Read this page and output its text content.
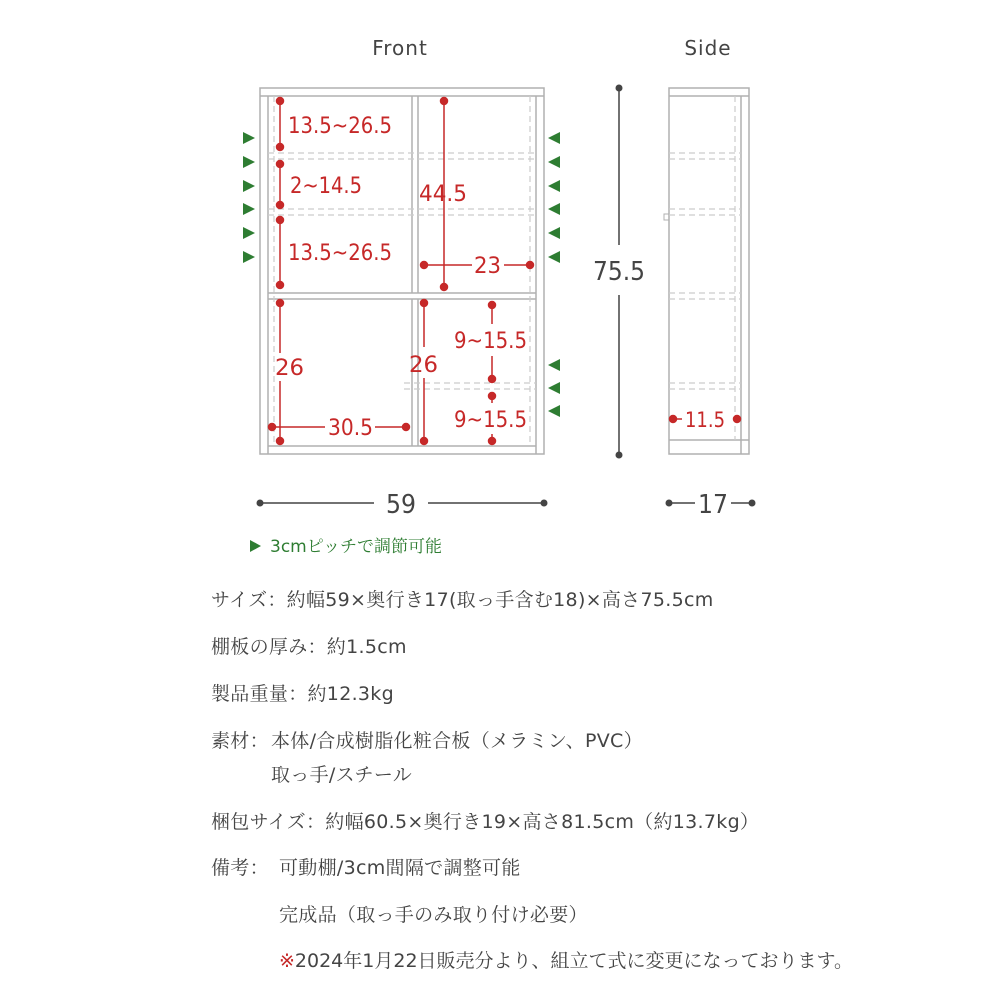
Front	Side
13.5~26.5
2~14.5
13.5~26.5
44.5
23
26
30.5
26
9~15.5
9~15.5
75.5
11.5
59	17
3cmピッチで調節可能
サイズ：約幅59×奥行き17(取っ手含む18)×高さ75.5cm
棚板の厚み：約1.5cm
製品重量：約12.3kg
素材： 本体/合成樹脂化粧合板（メラミン、PVC）
取っ手/スチール
梱包サイズ：約幅60.5×奥行き19×高さ81.5cm（約13.7kg）
備考： 可動棚/3cm間隔で調整可能
完成品（取っ手のみ取り付け必要）
※2024年1月22日販売分より、組立て式に変更になっております。
